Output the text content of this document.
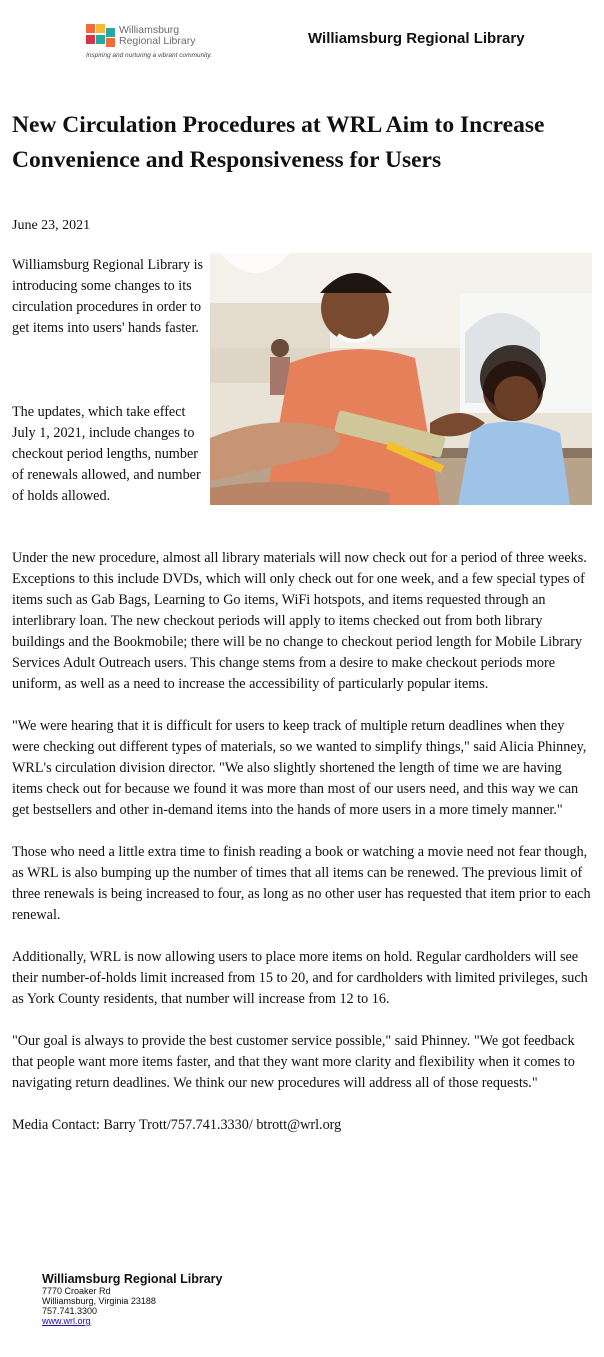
Williamsburg
Regional Library
Inspiring and nurturing a vibrant community.
Williamsburg Regional Library
New Circulation Procedures at WRL Aim to Increase Convenience and Responsiveness for Users
June 23, 2021

Williamsburg Regional Library is introducing some changes to its circulation procedures in order to get items into users' hands faster.

The updates, which take effect July 1, 2021, include changes to checkout period lengths, number of renewals allowed, and number of holds allowed.

Under the new procedure, almost all library materials will now check out for a period of three weeks. Exceptions to this include DVDs, which will only check out for one week, and a few special types of items such as Gab Bags, Learning to Go items, WiFi hotspots, and items requested through an interlibrary loan. The new checkout periods will apply to items checked out from both library buildings and the Bookmobile; there will be no change to checkout period length for Mobile Library Services Adult Outreach users. This change stems from a desire to make checkout periods more uniform, as well as a need to increase the accessibility of particularly popular items.

"We were hearing that it is difficult for users to keep track of multiple return deadlines when they were checking out different types of materials, so we wanted to simplify things," said Alicia Phinney, WRL's circulation division director. "We also slightly shortened the length of time we are having items check out for because we found it was more than most of our users need, and this way we can get bestsellers and other in-demand items into the hands of more users in a more timely manner."

Those who need a little extra time to finish reading a book or watching a movie need not fear though, as WRL is also bumping up the number of times that all items can be renewed. The previous limit of three renewals is being increased to four, as long as no other user has requested that item prior to each renewal.

Additionally, WRL is now allowing users to place more items on hold. Regular cardholders will see their number-of-holds limit increased from 15 to 20, and for cardholders with limited privileges, such as York County residents, that number will increase from 12 to 16.

"Our goal is always to provide the best customer service possible," said Phinney. "We got feedback that people want more items faster, and that they want more clarity and flexibility when it comes to navigating return deadlines. We think our new procedures will address all of those requests."

Media Contact: Barry Trott/757.741.3330/ btrott@wrl.org

Williamsburg Regional Library
7770 Croaker Rd
Williamsburg, Virginia 23188
757.741.3300
www.wrl.org
